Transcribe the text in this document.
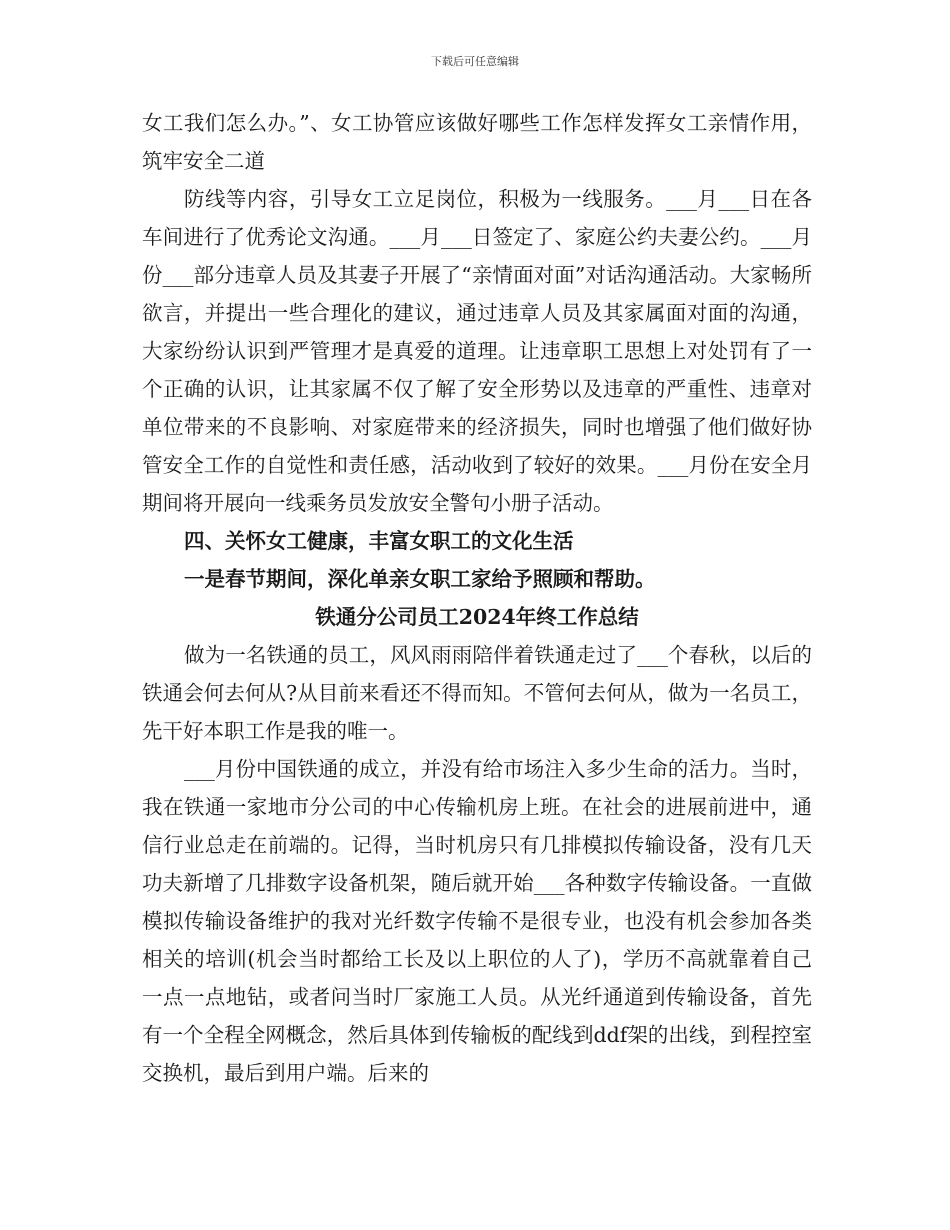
下载后可任意编辑

女工我们怎么办。”、女工协管应该做好哪些工作怎样发挥女工亲情作用，筑牢安全二道

防线等内容，引导女工立足岗位，积极为一线服务。___月___日在各车间进行了优秀论文沟通。___月___日签定了、家庭公约夫妻公约。___月份___部分违章人员及其妻子开展了“亲情面对面”对话沟通活动。大家畅所欲言，并提出一些合理化的建议，通过违章人员及其家属面对面的沟通，大家纷纷认识到严管理才是真爱的道理。让违章职工思想上对处罚有了一个正确的认识，让其家属不仅了解了安全形势以及违章的严重性、违章对单位带来的不良影响、对家庭带来的经济损失，同时也增强了他们做好协管安全工作的自觉性和责任感，活动收到了较好的效果。___月份在安全月期间将开展向一线乘务员发放安全警句小册子活动。

四、关怀女工健康，丰富女职工的文化生活

一是春节期间，深化单亲女职工家给予照顾和帮助。

铁通分公司员工2024年终工作总结

做为一名铁通的员工，风风雨雨陪伴着铁通走过了___个春秋，以后的铁通会何去何从?从目前来看还不得而知。不管何去何从，做为一名员工，先干好本职工作是我的唯一。

___月份中国铁通的成立，并没有给市场注入多少生命的活力。当时，我在铁通一家地市分公司的中心传输机房上班。在社会的进展前进中，通信行业总走在前端的。记得，当时机房只有几排模拟传输设备，没有几天功夫新增了几排数字设备机架，随后就开始___各种数字传输设备。一直做模拟传输设备维护的我对光纤数字传输不是很专业，也没有机会参加各类相关的培训(机会当时都给工长及以上职位的人了)，学历不高就靠着自己一点一点地钻，或者问当时厂家施工人员。从光纤通道到传输设备，首先有一个全程全网概念，然后具体到传输板的配线到ddf架的出线，到程控室交换机，最后到用户端。后来的
